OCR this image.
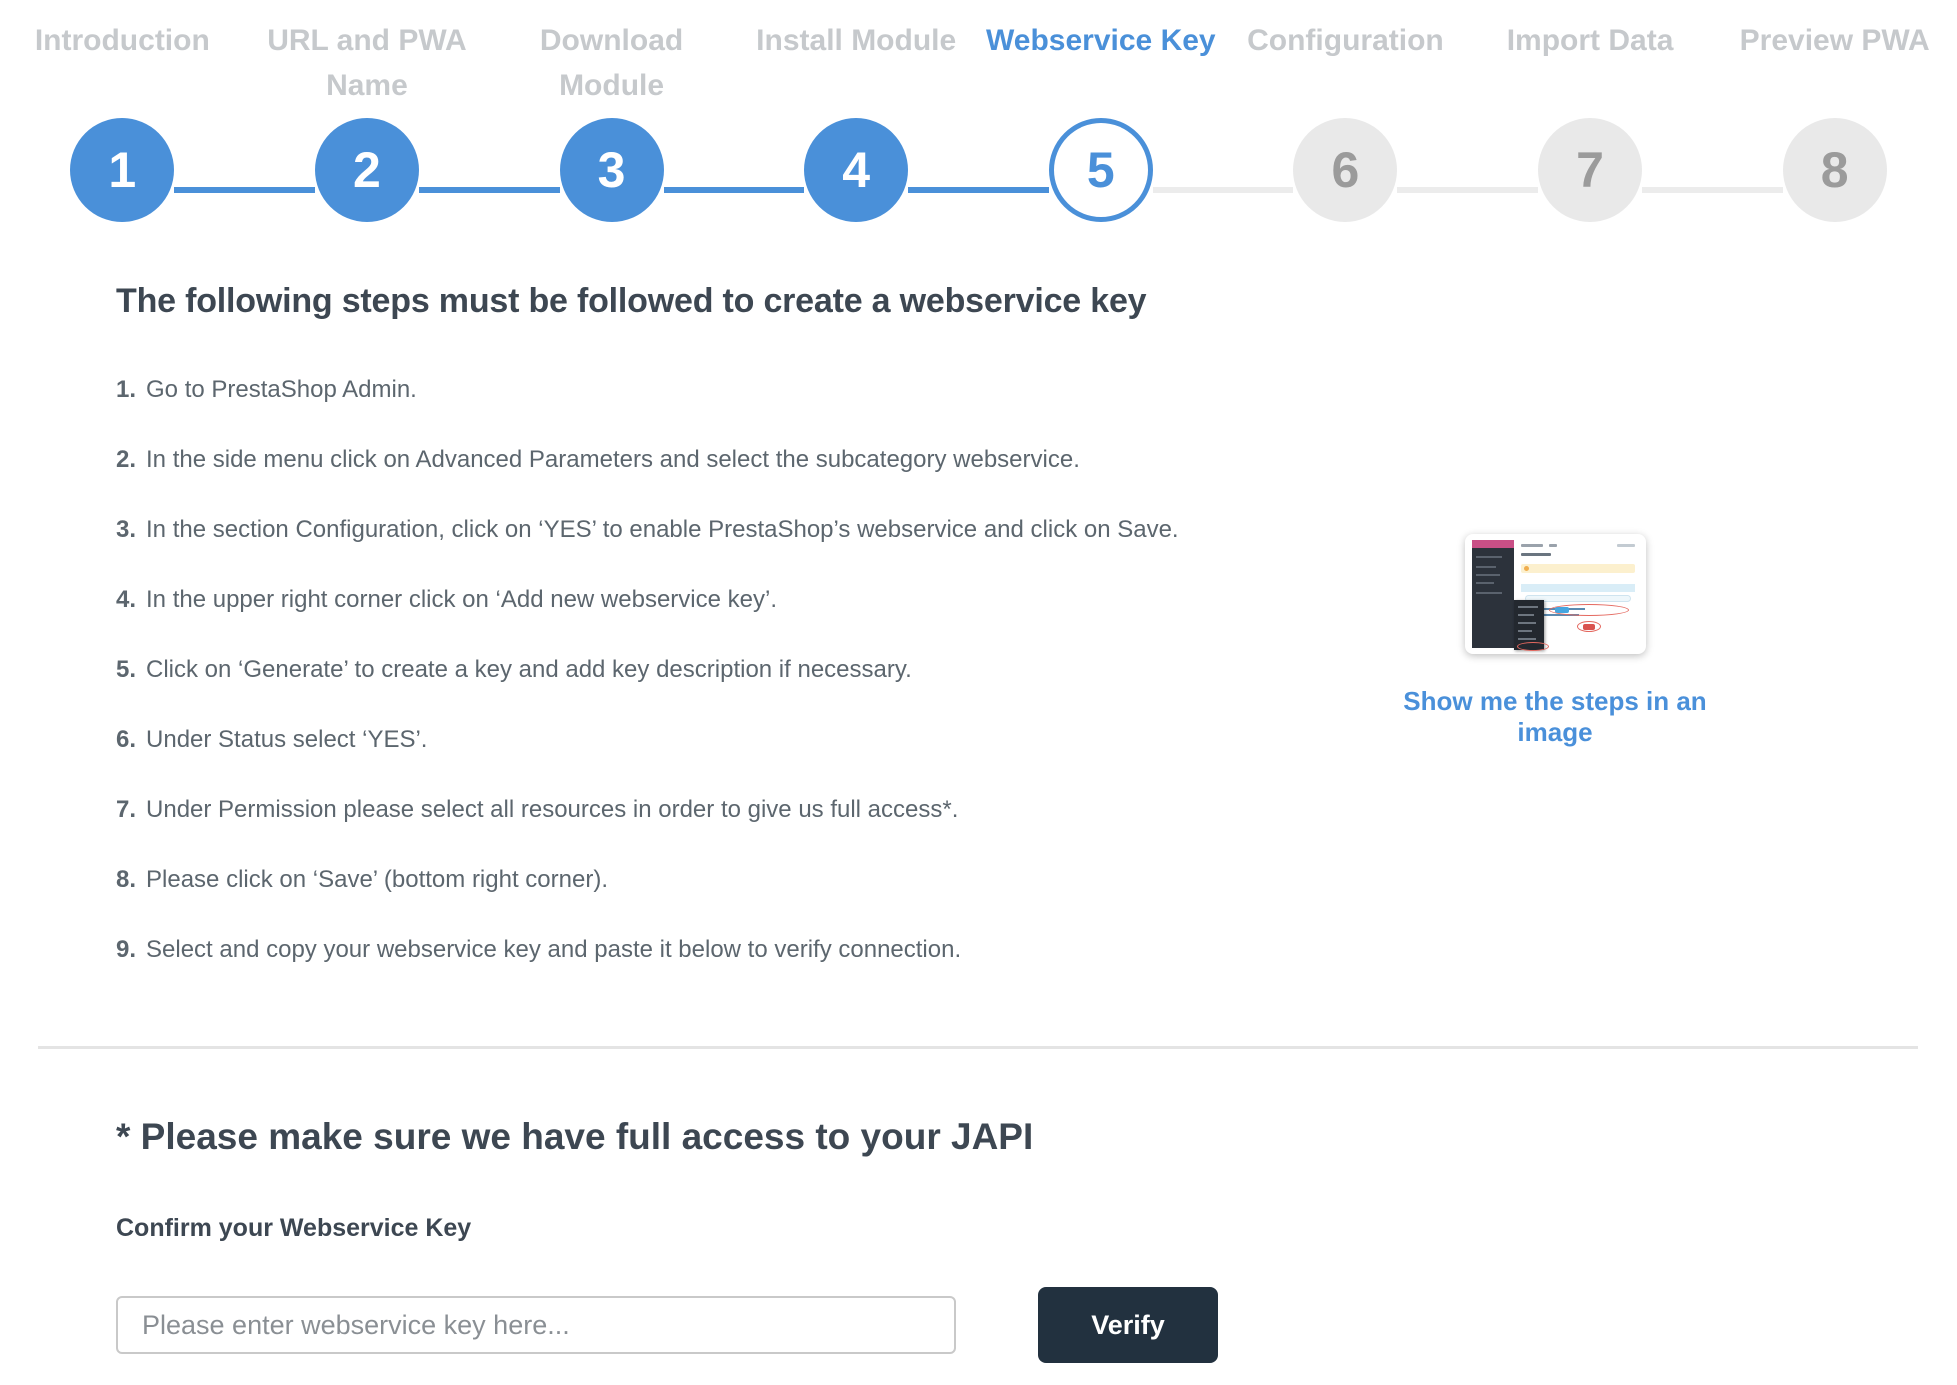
Introduction
1
URL and PWA Name
2
Download Module
3
Install Module
4
Webservice Key
5
Configuration
6
Import Data
7
Preview PWA
8
The following steps must be followed to create a webservice key
1. Go to PrestaShop Admin.
2. In the side menu click on Advanced Parameters and select the subcategory webservice.
3. In the section Configuration, click on ‘YES’ to enable PrestaShop’s webservice and click on Save.
4. In the upper right corner click on ‘Add new webservice key’.
5. Click on ‘Generate’ to create a key and add key description if necessary.
6. Under Status select ‘YES’.
7. Under Permission please select all resources in order to give us full access*.
8. Please click on ‘Save’ (bottom right corner).
9. Select and copy your webservice key and paste it below to verify connection.
Show me the steps in an image
* Please make sure we have full access to your JAPI
Confirm your Webservice Key
Please enter webservice key here...
Verify
